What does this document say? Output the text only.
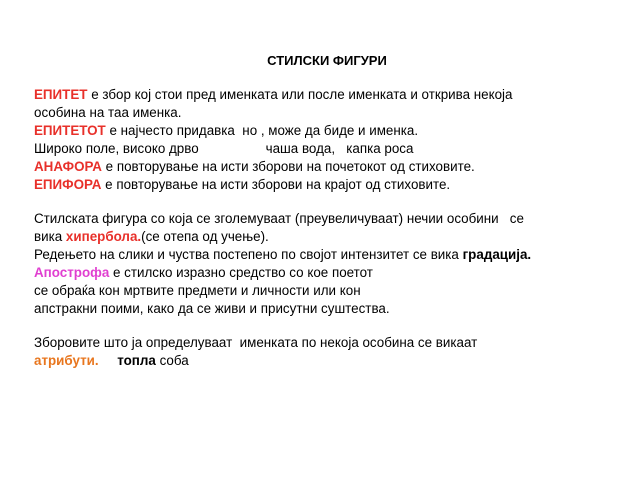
СТИЛСКИ ФИГУРИ
ЕПИТЕТ е збор кој стои пред именката или после именката и открива некоја
особина на таа именка.
ЕПИТЕТОТ е најчесто придавка  но , може да биде и именка.
Широко поле, високо дрво                  чаша вода,   капка роса
АНАФОРА е повторување на исти зборови на почетокот од стиховите.
ЕПИФОРА е повторување на исти зборови на крајот од стиховите.
Стилската фигура со која се зголемуваат (преувеличуваат) нечии особини   се
вика хипербола.(се отепа од учење).
Редењето на слики и чуства постепено по својот интензитет се вика градација.
Апострофа е стилско изразно средство со кое поетот
се обраќа кон мртвите предмети и личности или кон
апстракни поими, како да се живи и присутни суштества.
Зборовите што ја определуваат  именката по некоја особина се викаат
атрибути.     топла соба
